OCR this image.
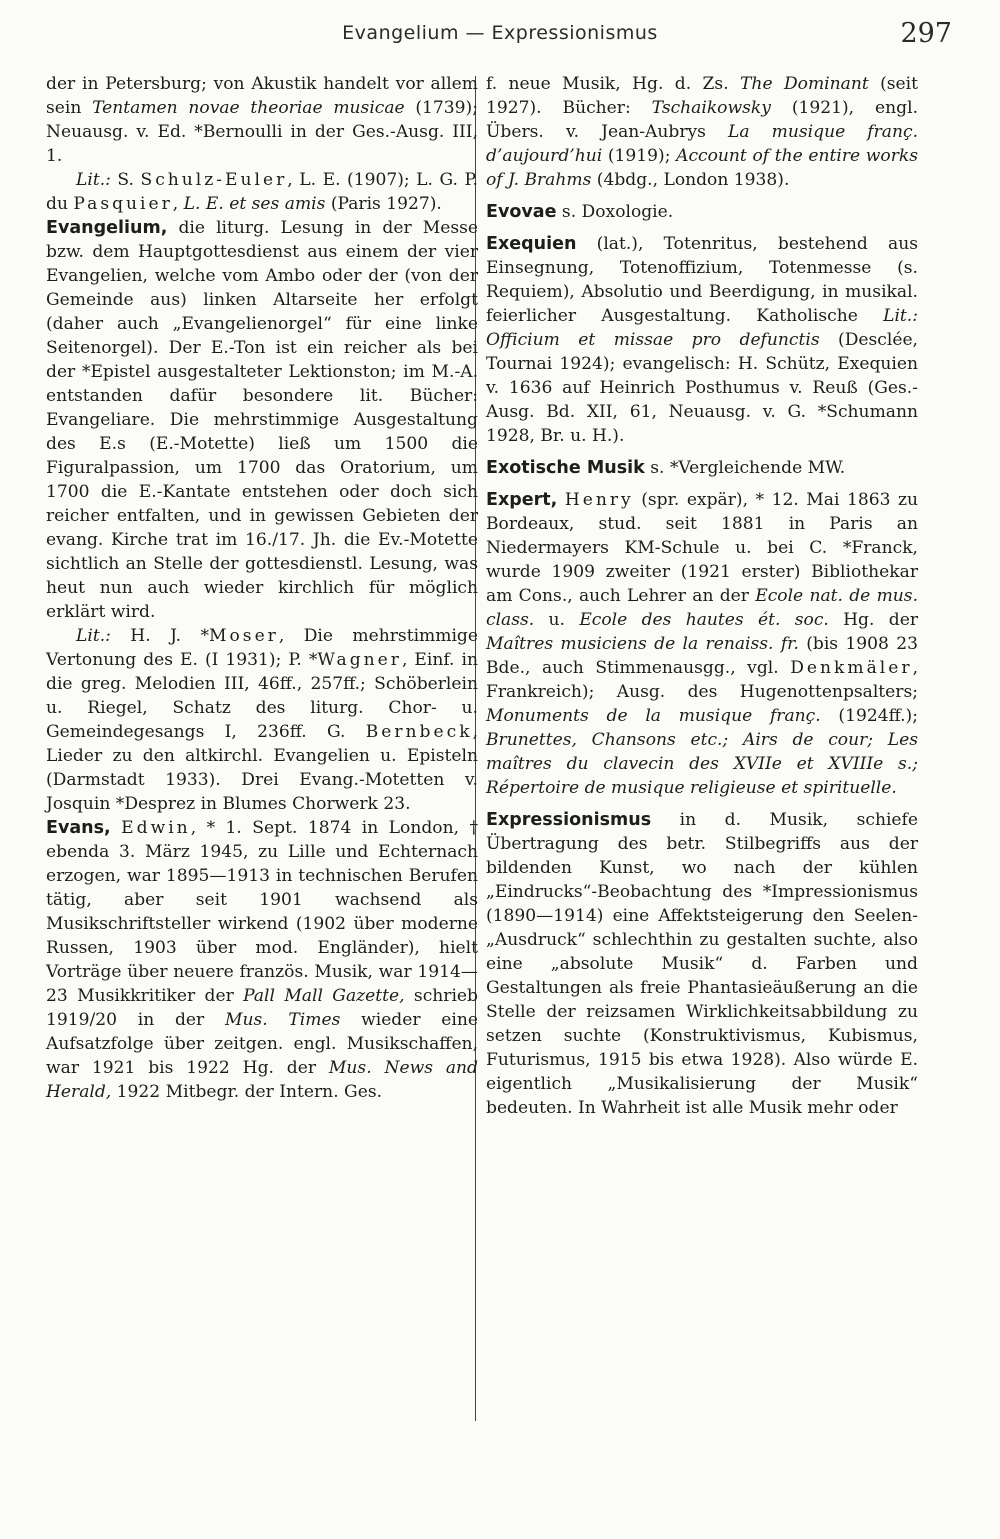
Evangelium — Expressionismus	297

der in Petersburg; von Akustik handelt vor allem sein Tentamen novae theoriae musicae (1739); Neuausg. v. Ed. *Bernoulli in der Ges.-Ausg. III, 1.

Lit.: S. Schulz-Euler, L. E. (1907); L. G. P. du Pasquier, L. E. et ses amis (Paris 1927).

Evangelium, die liturg. Lesung in der Messe bzw. dem Hauptgottesdienst aus einem der vier Evangelien, welche vom Ambo oder der (von der Gemeinde aus) linken Altarseite her erfolgt (daher auch „Evangelienorgel“ für eine linke Seitenorgel). Der E.-Ton ist ein reicher als bei der *Epistel ausgestalteter Lektionston; im M.-A. entstanden dafür besondere lit. Bücher: Evangeliare. Die mehrstimmige Ausgestaltung des E.s (E.-Motette) ließ um 1500 die Figuralpassion, um 1700 das Oratorium, um 1700 die E.-Kantate entstehen oder doch sich reicher entfalten, und in gewissen Gebieten der evang. Kirche trat im 16./17. Jh. die Ev.-Motette sichtlich an Stelle der gottesdienstl. Lesung, was heut nun auch wieder kirchlich für möglich erklärt wird.

Lit.: H. J. *Moser, Die mehrstimmige Vertonung des E. (I 1931); P. *Wagner, Einf. in die greg. Melodien III, 46ff., 257ff.; Schöberlein u. Riegel, Schatz des liturg. Chor- u. Gemeindegesangs I, 236ff. G. Bernbeck, Lieder zu den altkirchl. Evangelien u. Episteln (Darmstadt 1933). Drei Evang.-Motetten v. Josquin *Desprez in Blumes Chorwerk 23.

Evans, Edwin, * 1. Sept. 1874 in London, † ebenda 3. März 1945, zu Lille und Echternach erzogen, war 1895—1913 in technischen Berufen tätig, aber seit 1901 wachsend als Musikschriftsteller wirkend (1902 über moderne Russen, 1903 über mod. Engländer), hielt Vorträge über neuere französ. Musik, war 1914—23 Musikkritiker der Pall Mall Gazette, schrieb 1919/20 in der Mus. Times wieder eine Aufsatzfolge über zeitgen. engl. Musikschaffen, war 1921 bis 1922 Hg. der Mus. News and Herald, 1922 Mitbegr. der Intern. Ges.

f. neue Musik, Hg. d. Zs. The Dominant (seit 1927). Bücher: Tschaikowsky (1921), engl. Übers. v. Jean-Aubrys La musique franç. d’aujourd’hui (1919); Account of the entire works of J. Brahms (4bdg., London 1938).

Evovae s. Doxologie.

Exequien (lat.), Totenritus, bestehend aus Einsegnung, Totenoffizium, Totenmesse (s. Requiem), Absolutio und Beerdigung, in musikal. feierlicher Ausgestaltung. Katholische Lit.: Officium et missae pro defunctis (Desclée, Tournai 1924); evangelisch: H. Schütz, Exequien v. 1636 auf Heinrich Posthumus v. Reuß (Ges.-Ausg. Bd. XII, 61, Neuausg. v. G. *Schumann 1928, Br. u. H.).

Exotische Musik s. *Vergleichende MW.

Expert, Henry (spr. expär), * 12. Mai 1863 zu Bordeaux, stud. seit 1881 in Paris an Niedermayers KM-Schule u. bei C. *Franck, wurde 1909 zweiter (1921 erster) Bibliothekar am Cons., auch Lehrer an der Ecole nat. de mus. class. u. Ecole des hautes ét. soc. Hg. der Maîtres musiciens de la renaiss. fr. (bis 1908 23 Bde., auch Stimmenausgg., vgl. Denkmäler, Frankreich); Ausg. des Hugenottenpsalters; Monuments de la musique franç. (1924ff.); Brunettes, Chansons etc.; Airs de cour; Les maîtres du clavecin des XVIIe et XVIIIe s.; Répertoire de musique religieuse et spirituelle.

Expressionismus in d. Musik, schiefe Übertragung des betr. Stilbegriffs aus der bildenden Kunst, wo nach der kühlen „Eindrucks“-Beobachtung des *Impressionismus (1890—1914) eine Affektsteigerung den Seelen-„Ausdruck“ schlechthin zu gestalten suchte, also eine „absolute Musik“ d. Farben und Gestaltungen als freie Phantasieäußerung an die Stelle der reizsamen Wirklichkeitsabbildung zu setzen suchte (Konstruktivismus, Kubismus, Futurismus, 1915 bis etwa 1928). Also würde E. eigentlich „Musikalisierung der Musik“ bedeuten. In Wahrheit ist alle Musik mehr oder
